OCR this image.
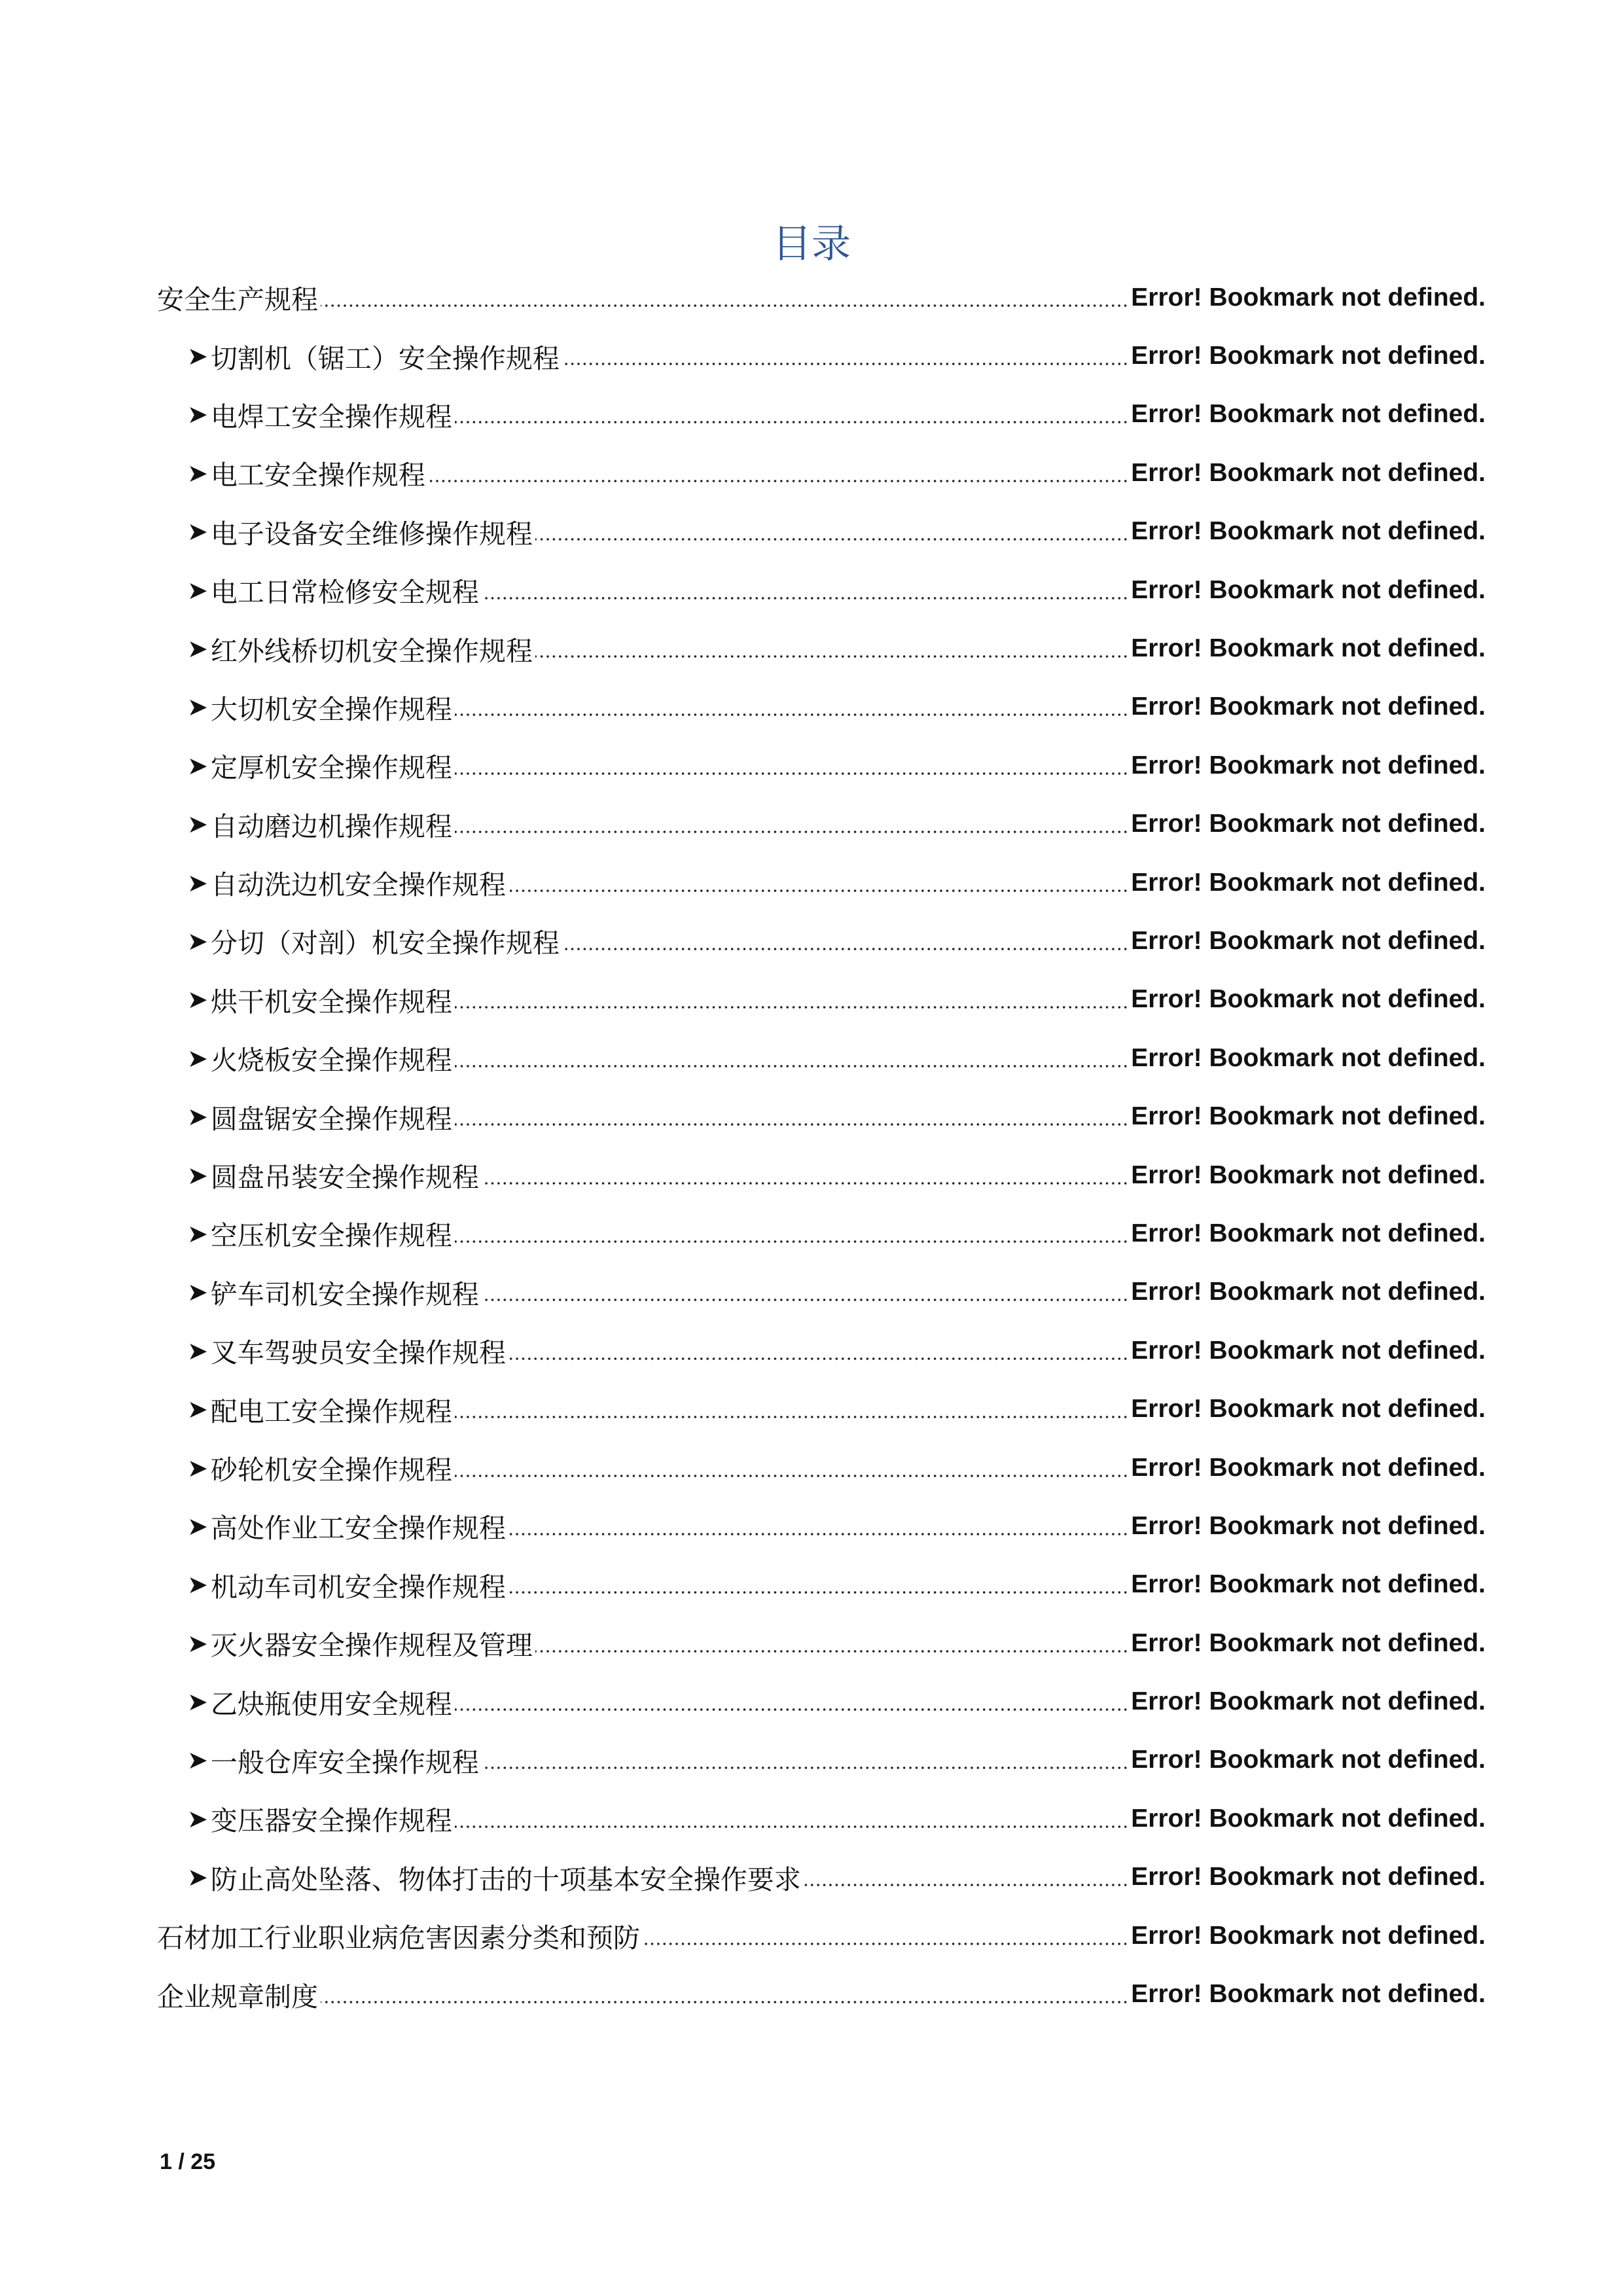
目录
安全生产规程	Error! Bookmark not defined.
➤ 切割机（锯工）安全操作规程	Error! Bookmark not defined.
➤ 电焊工安全操作规程	Error! Bookmark not defined.
➤ 电工安全操作规程	Error! Bookmark not defined.
➤ 电子设备安全维修操作规程	Error! Bookmark not defined.
➤ 电工日常检修安全规程	Error! Bookmark not defined.
➤ 红外线桥切机安全操作规程	Error! Bookmark not defined.
➤ 大切机安全操作规程	Error! Bookmark not defined.
➤ 定厚机安全操作规程	Error! Bookmark not defined.
➤ 自动磨边机操作规程	Error! Bookmark not defined.
➤ 自动洗边机安全操作规程	Error! Bookmark not defined.
➤ 分切（对剖）机安全操作规程	Error! Bookmark not defined.
➤ 烘干机安全操作规程	Error! Bookmark not defined.
➤ 火烧板安全操作规程	Error! Bookmark not defined.
➤ 圆盘锯安全操作规程	Error! Bookmark not defined.
➤ 圆盘吊装安全操作规程	Error! Bookmark not defined.
➤ 空压机安全操作规程	Error! Bookmark not defined.
➤ 铲车司机安全操作规程	Error! Bookmark not defined.
➤ 叉车驾驶员安全操作规程	Error! Bookmark not defined.
➤ 配电工安全操作规程	Error! Bookmark not defined.
➤ 砂轮机安全操作规程	Error! Bookmark not defined.
➤ 高处作业工安全操作规程	Error! Bookmark not defined.
➤ 机动车司机安全操作规程	Error! Bookmark not defined.
➤ 灭火器安全操作规程及管理	Error! Bookmark not defined.
➤ 乙炔瓶使用安全规程	Error! Bookmark not defined.
➤ 一般仓库安全操作规程	Error! Bookmark not defined.
➤ 变压器安全操作规程	Error! Bookmark not defined.
➤ 防止高处坠落、物体打击的十项基本安全操作要求	Error! Bookmark not defined.
石材加工行业职业病危害因素分类和预防	Error! Bookmark not defined.
企业规章制度	Error! Bookmark not defined.
1 / 25
